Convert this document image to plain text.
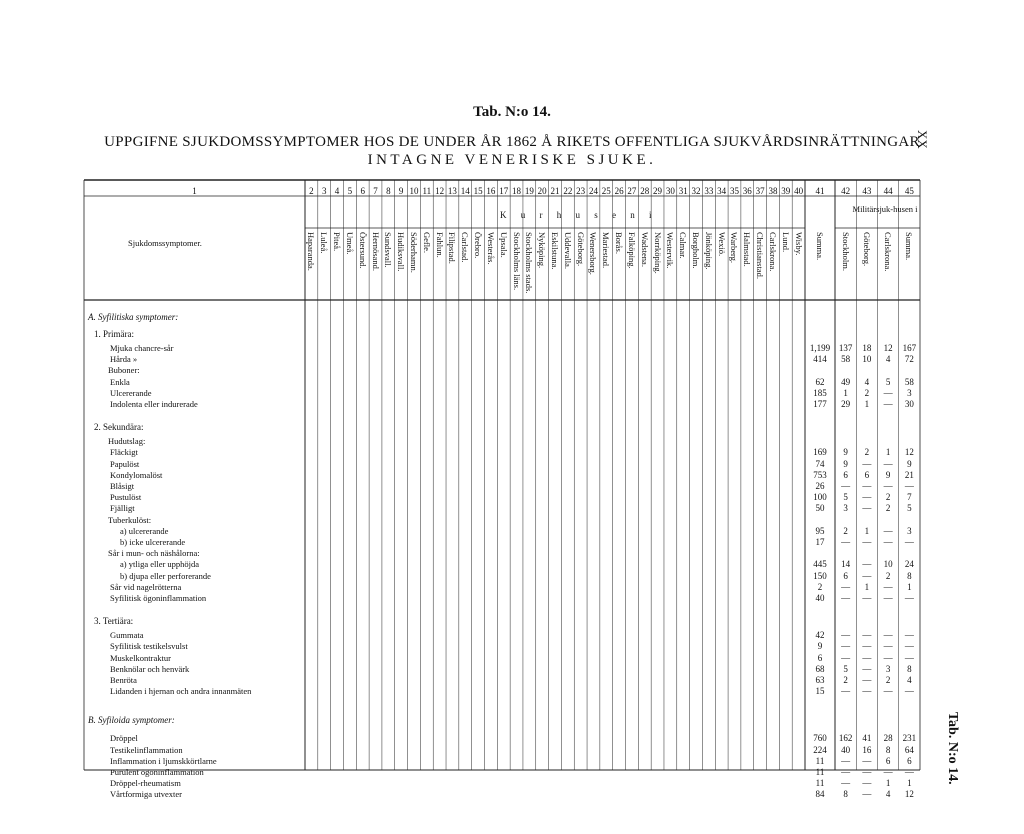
Tab. N:o 14.
UPPGIFNE SJUKDOMSSYMPTOMER HOS DE UNDER ÅR 1862 Å RIKETS OFFENTLIGA SJUKVÅRDSINRÄTTNINGAR
INTAGNE VENERISKE SJUKE.
XX
Tab. N:o 14.
1	2 3 4 5 6 7 8 9 10 11 12 13 14 15 16 17 18 19 20 21 22 23 24 25 26 27 28 29 30 31 32 33 34 35 36 37 38 39 40	41	42	43	44	45
K u r h u s e n i
Militärsjuk-husen i
Sjukdomssymptomer.	Haparanda. Luleå. Piteå. Umeå. Östersund. Hernösand. Sundsvall. Hudiksvall. Söderhamn. Gefle. Fahlun. Filipstad. Carlstad. Örebro. Westerås. Upsala. Stockholms läns. Stockholms stads. Nyköping. Eskilstuna. Uddevalla. Göteborg. Wenersborg. Mariestad. Borås. Falköping. Wadstena. Norrköping. Westervik. Calmar. Borgholm. Jönköping. Wexiö. Warberg. Halmstad. Christianstad. Carlskrona. Lund. Wisby. Summa. Stockholm. Göteborg. Carlskrona. Summa.
A. Syfilitiska symptomer:
1. Primära:
Mjuka chancre-sår	1,199 137	18	12	167
Hårda »	414	58	10	4	72
Buboner:
Enkla	62	49	4	5	58
Ulcererande	185	1	2	—	3
Indolenta eller indurerade	177	29	1	—	30
2. Sekundära:
Hudutslag:
Fläckigt	169	9	2	1	12
Papulöst	74	9	—	—	9
Kondylomalöst	753	6	6	9	21
Blåsigt	26	—	—	—	—
Pustulöst	100	5	—	2	7
Fjälligt	50	3	—	2	5
Tuberkulöst:
a) ulcererande	95	2	1	—	3
b) icke ulcererande	17	—	—	—	—
Sår i mun- och näshålorna:
a) ytliga eller upphöjda	445	14	—	10	24
b) djupa eller perforerande	150	6	—	2	8
Sår vid nagelrötterna	2	—	1	—	1
Syfilitisk ögoninflammation	40	—	—	—	—
3. Tertiära:
Gummata	42	—	—	—	—
Syfilitisk testikelsvulst	9	—	—	—	—
Muskelkontraktur	6	—	—	—	—
Benknölar och henvärk	68	5	—	3	8
Benröta	63	2	—	2	4
Lidanden i hjernan och andra innanmäten	15	—	—	—	—
B. Syfiloida symptomer:
Dröppel	760	162	41	28	231
Testikelinflammation	224	40	16	8	64
Inflammation i ljumskkörtlarne	11	—	—	6	6
Purulent ögoninflammation	11	—	—	—	—
Dröppel-rheumatism	11	—	—	1	1
Vårtformiga utvexter	84	8	—	4	12
